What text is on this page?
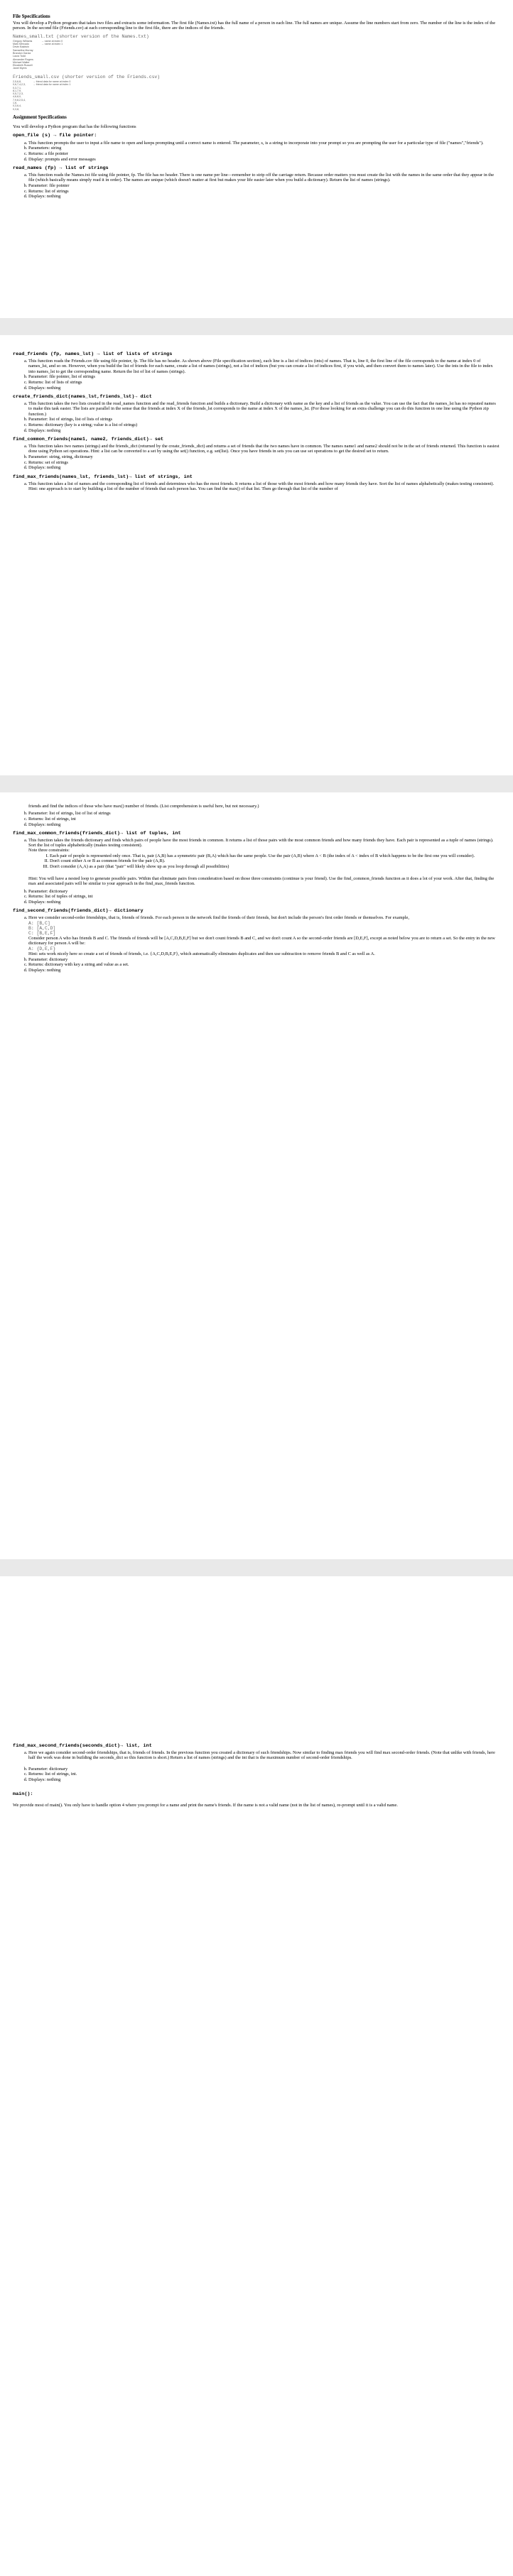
File Specifications

You will develop a Python program that takes two files and extracts some information. The first file (Names.txt) has the full name of a person in each line. The full names are unique. Assume the line numbers start from zero. The number of the line is the index of the person. In the second file (Friends.csv) at each corresponding line to the first file, there are the indices of the friends.

Names_small.txt (shorter version of the Names.txt)
Gregory Williams	→ name at index 0
Mark Mercado	→ name at index 1
Devin Baldwin
Samantha Murray
Brandon Garcia
Laura Todd
Alexander Rogers
Michael Walter
Elizabeth Russell
Janet Myers
Friends_small.csv (shorter version of the Friends.csv)
2,5,6,8,	→ friend data for name at index 0
0,6,7,4,2,3,	→ friend data for name at index 1
0,3,7,1,
8,1,7,9,
0,5,7,2,3,
4,6,8,0,
7,9,8,2,5,4,
1,6,
0,3,6,4,
0,3,8,
Assignment Specifications

You will develop a Python program that has the following functions

open_file (s) → file pointer:
a. This function prompts the user to input a file name to open and keeps prompting until a correct name is entered. The parameter, s, is a string to incorporate into your prompt so you are prompting the user for a particular type of file ("names","friends").
b. Parameters: string
c. Returns: a file pointer
d. Display: prompts and error messages
read_names (fp) → list of strings
a. This function reads the Names.txt file using file pointer, fp. The file has no header. There is one name per line—remember to strip off the carriage return. Because order matters you must create the list with the names in the same order that they appear in the file (which basically means simply read it in order). The names are unique (which doesn't matter at first but makes your life easier later when you build a dictionary). Return the list of names (strings).
b. Parameter: file pointer
c. Returns: list of strings
d. Displays: nothing
read_friends (fp, names_lst) → list of lists of strings
a. This function reads the Friends.csv file using file pointer, fp. The file has no header. As shown above (File specification section), each line is a list of indices (ints) of names. That is, line 0, the first line of the file corresponds to the name at index 0 of names_lst, and so on. However, when you build the list of friends for each name, create a list of names (strings), not a list of indices (but you can create a list of indices first, if you wish, and then convert them to names later). Use the ints in the file to index into names_lst to get the corresponding name. Return the list of list of names (strings).
b. Parameter: file pointer, list of strings
c. Returns: list of lists of strings
d. Displays: nothing
create_friends_dict(names_lst,friends_lst)→ dict
a. This function takes the two lists created in the read_names function and the read_friends function and builds a dictionary. Build a dictionary with name as the key and a list of friends as the value. You can use the fact that the names_lst has no repeated names to make this task easier. The lists are parallel in the sense that the friends at index X of the friends_lst corresponds to the name at index X of the names_lst. (For those looking for an extra challenge you can do this function in one line using the Python zip function.)
b. Parameter: list of strings, list of lists of strings
c. Returns: dictionary (key is a string; value is a list of strings)
d. Displays: nothing
find_common_friends(name1, name2, friends_dict)→ set
a. This function takes two names (strings) and the friends_dict (returned by the create_friends_dict) and returns a set of friends that the two names have in common. The names name1 and name2 should not be in the set of friends returned. This function is easiest done using Python set operations. Hint: a list can be converted to a set by using the set() function, e.g. set(list). Once you have friends in sets you can use set operations to get the desired set to return.
b. Parameter: string, string, dictionary
c. Returns: set of strings
d. Displays: nothing
find_max_friends(names_lst, friends_lst)→ list of strings, int
a. This function takes a list of names and the corresponding list of friends and determines who has the most friends. It returns a list of those with the most friends and how many friends they have. Sort the list of names alphabetically (makes testing consistent). Hint: one approach is to start by building a list of the number of friends that each person has. You can find the max() of that list. Then go through that list of the number of

friends and find the indices of those who have max() number of friends. (List comprehension is useful here, but not necessary.)

b. Parameter: list of strings, list of list of strings
c. Returns: list of strings, int
d. Displays: nothing
find_max_common_friends(friends_dict)→ list of tuples, int
a. This function takes the friends dictionary and finds which pairs of people have the most friends in common. It returns a list of those pairs with the most common friends and how many friends they have. Each pair is represented as a tuple of names (strings). Sort the list of tuples alphabetically (makes testing consistent).
Note three constraints:
I. Each pair of people is represented only once. That is, pair (A,B) has a symmetric pair (B,A) which has the same people. Use the pair (A,B) where A < B (the index of A < index of B which happens to be the first one you will consider).
II. Don't count either A or B as common friends for the pair (A,B).
III. Don't consider (A,A) as a pair (that "pair" will likely show up as you loop through all possibilities)

Hint: You will have a nested loop to generate possible pairs. Within that eliminate pairs from consideration based on those three constraints (continue is your friend). Use the find_common_friends function as it does a lot of your work. After that, finding the max and associated pairs will be similar to your approach in the find_max_friends function.

b. Parameter: dictionary
c. Returns: list of tuples of strings, int
d. Displays: nothing
find_second_friends(friends_dict)→ dictionary
a. Here we consider second-order friendships, that is, friends of friends. For each person in the network find the friends of their friends, but don't include the person's first order friends or themselves. For example,
A: [B,C]
B: [A,C,D]
C: [B,E,F]
Consider person A who has friends B and C. The friends of friends will be [A,C,D,B,E,F] but we don't count friends B and C, and we don't count A so the second-order friends are [D,E,F], except as noted below you are to return a set. So the entry in the new dictionary for person A will be:
A: {D,E,F}
Hint: sets work nicely here so create a set of friends of friends, i.e. {A,C,D,B,E,F}, which automatically eliminates duplicates and then use subtraction to remove friends B and C as well as A.
b. Parameter: dictionary
c. Returns: dictionary with key a string and value as a set.
d. Displays: nothing
find_max_second_friends(seconds_dict)→ list, int
a. Here we again consider second-order friendships, that is, friends of friends. In the previous function you created a dictionary of such friendships. Now similar to finding max friends you will find max second-order friends. (Note that unlike with friends, here half the work was done in building the seconds_dict so this function is short.) Return a list of names (strings) and the int that is the maximum number of second-order friendships.
b. Parameter: dictionary
c. Returns: list of strings, int.
d. Displays: nothing
main():

We provide most of main(). You only have to handle option 4 where you prompt for a name and print the name's friends. If the name is not a valid name (not in the list of names), re-prompt until it is a valid name.
